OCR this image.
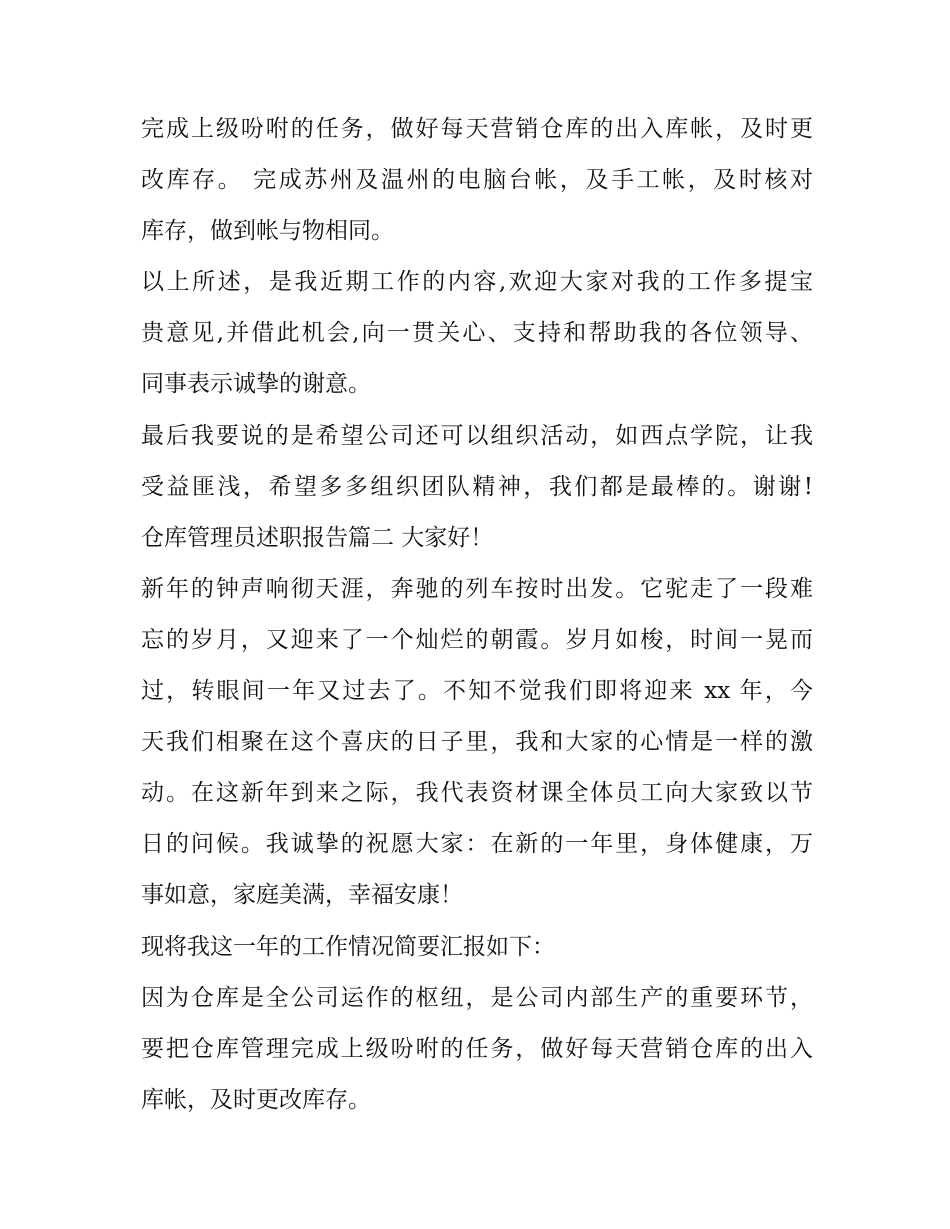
完成上级吩咐的任务，做好每天营销仓库的出入库帐，及时更
改库存。 完成苏州及温州的电脑台帐，及手工帐，及时核对
库存，做到帐与物相同。
以上所述，是我近期工作的内容,欢迎大家对我的工作多提宝
贵意见,并借此机会,向一贯关心、支持和帮助我的各位领导、
同事表示诚挚的谢意。
最后我要说的是希望公司还可以组织活动，如西点学院，让我
受益匪浅，希望多多组织团队精神，我们都是最棒的。谢谢!
仓库管理员述职报告篇二 大家好！
新年的钟声响彻天涯，奔驰的列车按时出发。它驼走了一段难
忘的岁月，又迎来了一个灿烂的朝霞。岁月如梭，时间一晃而
过，转眼间一年又过去了。不知不觉我们即将迎来 xx 年，今
天我们相聚在这个喜庆的日子里，我和大家的心情是一样的激
动。在这新年到来之际，我代表资材课全体员工向大家致以节
日的问候。我诚挚的祝愿大家：在新的一年里，身体健康，万
事如意，家庭美满，幸福安康！
现将我这一年的工作情况简要汇报如下：
因为仓库是全公司运作的枢纽，是公司内部生产的重要环节，
要把仓库管理完成上级吩咐的任务，做好每天营销仓库的出入
库帐，及时更改库存。
